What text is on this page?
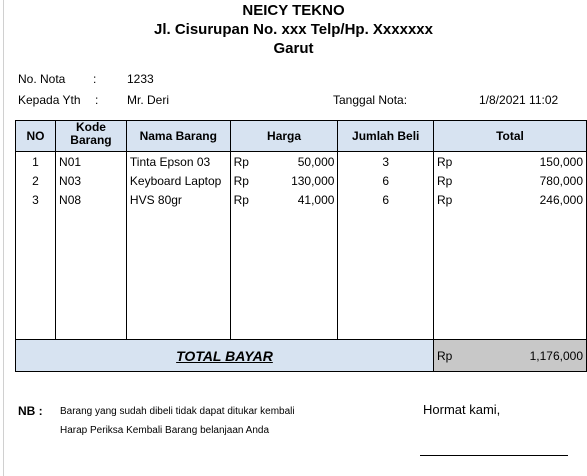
NEICY TEKNO
Jl. Cisurupan No. xxx Telp/Hp. Xxxxxxx
Garut
No. Nota :	1233
Kepada Yth : Mr. Deri	Tanggal Nota:	1/8/2021 11:02
NO	Kode Barang	Nama Barang	Harga	Jumlah Beli	Total
1	N01	Tinta Epson 03	Rp 50,000	3	Rp 150,000

2	N03	Keyboard Laptop	Rp 130,000	6	Rp 780,000

3	N08	HVS 80gr	Rp 41,000	6	Rp 246,000

TOTAL BAYAR					Rp 1,176,000
NB : Barang yang sudah dibeli tidak dapat ditukar kembali
Harap Periksa Kembali Barang belanjaan Anda
Hormat kami,
